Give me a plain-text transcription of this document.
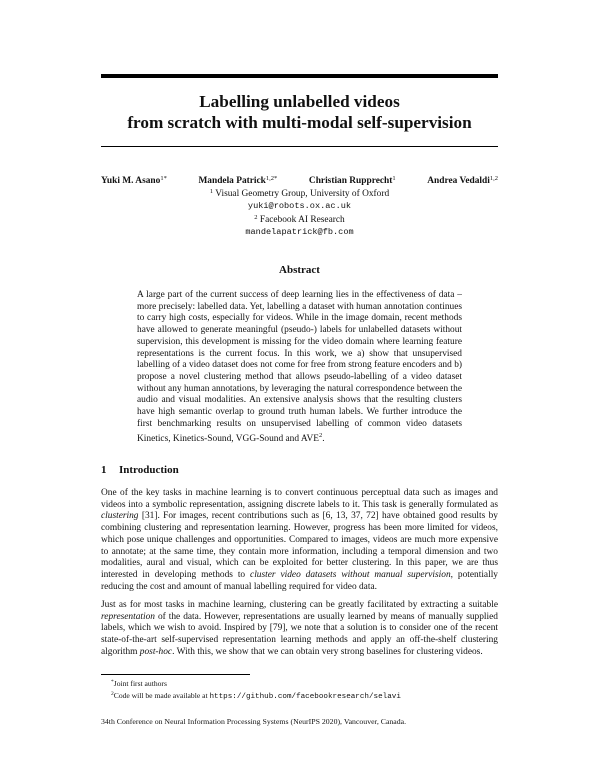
Labelling unlabelled videos
from scratch with multi-modal self-supervision
Yuki M. Asano$^{1*}$	Mandela Patrick$^{1,2*}$	Christian Rupprecht$^1$	Andrea Vedaldi$^{1,2}$
$^1$ Visual Geometry Group, University of Oxford
yuki@robots.ox.ac.uk
$^2$ Facebook AI Research
mandelapatrick@fb.com
Abstract
A large part of the current success of deep learning lies in the effectiveness of data – more precisely: labelled data. Yet, labelling a dataset with human annotation continues to carry high costs, especially for videos. While in the image domain, recent methods have allowed to generate meaningful (pseudo-) labels for unlabelled datasets without supervision, this development is missing for the video domain where learning feature representations is the current focus. In this work, we a) show that unsupervised labelling of a video dataset does not come for free from strong feature encoders and b) propose a novel clustering method that allows pseudo-labelling of a video dataset without any human annotations, by leveraging the natural correspondence between the audio and visual modalities. An extensive analysis shows that the resulting clusters have high semantic overlap to ground truth human labels. We further introduce the first benchmarking results on unsupervised labelling of common video datasets Kinetics, Kinetics-Sound, VGG-Sound and AVE$^2$.
1 Introduction
One of the key tasks in machine learning is to convert continuous perceptual data such as images and videos into a symbolic representation, assigning discrete labels to it. This task is generally formulated as clustering [31]. For images, recent contributions such as [6, 13, 37, 72] have obtained good results by combining clustering and representation learning. However, progress has been more limited for videos, which pose unique challenges and opportunities. Compared to images, videos are much more expensive to annotate; at the same time, they contain more information, including a temporal dimension and two modalities, aural and visual, which can be exploited for better clustering. In this paper, we are thus interested in developing methods to cluster video datasets without manual supervision, potentially reducing the cost and amount of manual labelling required for video data.
Just as for most tasks in machine learning, clustering can be greatly facilitated by extracting a suitable representation of the data. However, representations are usually learned by means of manually supplied labels, which we wish to avoid. Inspired by [79], we note that a solution is to consider one of the recent state-of-the-art self-supervised representation learning methods and apply an off-the-shelf clustering algorithm post-hoc. With this, we show that we can obtain very strong baselines for clustering videos.
*Joint first authors
$^2$Code will be made available at https://github.com/facebookresearch/selavi
34th Conference on Neural Information Processing Systems (NeurIPS 2020), Vancouver, Canada.
